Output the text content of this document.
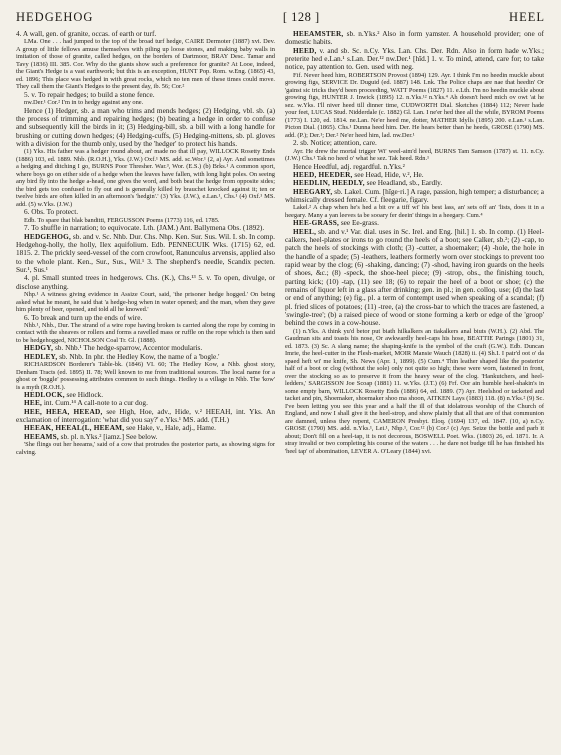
HEDGEHOG	[ 128 ]	HEEL

4. A wall, gen. of granite, occas. of earth or turf.

LMa. One . . . had jumped to the top of the broad turf hedge, CAIRE Dermoter (1887) xvi. Dev. A group of little fellows amuse themselves with piling up loose stones, and making baby walls in imitation of those of granite, called hedges, on the borders of Dartmoor, BRAY Desc. Tamar and Tavy (1836) III. 385. Cor. Why do the giants show such a preference for granite? At Looe, indeed, the Giant's Hedge is a vast earthwork; but this is an exception, HUNT Pop. Rom. w.Eng. (1865) 43, ed. 1896; This place was hedged in with great rocks, which no ten men of these times could move. They call them the Giant's Hedges to the present day, ib. 56; Cor.²

5. v. To repair hedges; to build a stone fence.

nw.Der.¹ Cor.² I'm in to hedgy against any one.

Hence (1) Hedger, sb. a man who trims and mends hedges; (2) Hedging, vbl. sb. (a) the process of trimming and repairing hedges; (b) beating a hedge in order to confuse and subsequently kill the birds in it; (3) Hedging-bill, sb. a bill with a long handle for brushing or cutting down hedges; (4) Hedging-cuffs, (5) Hedging-mittens, sb. pl. gloves with a division for the thumb only, used by the 'hedger' to protect his hands.

(1) Yks. His father was a hedger round about, an' made no that ill pay, WILLOCK Rosetty Ends (1886) 103, ed. 1889. Nhb. (R.O.H.), Yks. (J.W.) Oxf.¹ MS. add. sc.Wor.¹ (2, a) Ayr. And sometimes a hedging and ditching I go, BURNS Poor Thresher. War.³, Wor. (E.S.) (b) Brks.¹ A common sport, where boys go on either side of a hedge when the leaves have fallen, with long light poles. On seeing any bird fly into the hedge a-head, one gives the word, and both beat the hedge from opposite sides; the bird gets too confused to fly out and is generally killed by brauchet knocked against it; ten or twelve birds are often killed in an afternoon's 'hedgin'.' (3) Yks. (J.W.), e.Lan.¹, Chs.¹ (4) Oxf.¹ MS. add. (5) w.Yks. (J.W.)

6. Obs. To protect.

Edb. To spare that blak banditti, FERGUSSON Poems (1773) 116, ed. 1785.

7. To shuffle in narration; to equivocate. Lth. (JAM.) Ant. Ballymena Obs. (1892).

HEDGEHOG, sb. and v. Sc. Nhb. Dur. Chs. Nhp. Ken. Sur. Sus. Wil. I. sb. In comp. Hedgehog-holly, the holly, Ilex aquifolium. Edb. PENNECUIK Wks. (1715) 62, ed. 1815. 2. The prickly seed-vessel of the corn crowfoot, Ranunculus arvensis, applied also to the whole plant. Ken., Sur., Sus., Wil.¹ 3. The shepherd's needle, Scandix pecten. Sur.¹, Sus.¹

4. pl. Small stunted trees in hedgerows. Chs. (K.), Chs.¹³ 5. v. To open, divulge, or disclose anything.

Nhp.¹ A witness giving evidence in Assize Court, said, 'the prisoner hedge hogged.' On being asked what he meant, he said that 'a hedge-hog when in water opened; and the man, when they gave him plenty of beer, opened, and told all he knowed.'

6. To break and turn up the ends of wire.

Nhb.¹, Nhb., Dur. The strand of a wire rope having broken is carried along the rope by coming in contact with the sheaves or rollers and forms a ravelled mass or ruffle on the rope which is then said to be hedgehogged, NICHOLSON Coal Tr. Gl. (1888).

HEDGY, sb. Nhb.¹ The hedge-sparrow, Accentor modularis.

HEDLEY, sb. Nhb. In phr. the Hedley Kow, the name of a 'bogle.'

RICHARDSON Borderer's Table-bk. (1846) VI. 60; The Hedley Kow, a Nhb. ghost story, Denham Tracts (ed. 1895) II. 78; Well known to me from traditional sources. The local name for a ghost or 'boggle' possessing attributes common to such things. Hedley is a village in Nhb. The 'kow' is a myth (R.O.H.).

HEDLOCK, see Hidlock.

HEE, int. Cum.¹⁴ A call-note to a cur dog.

HEE, HEEA, HEEAD, see High, Hoe, adv., Hide, v.² HEEAH, int. Yks. An exclamation of interrogation: 'what did you say?' e.Yks.¹ MS. add. (T.H.)

HEEAK, HEEAL(L, HEEAM, see Hake, v., Hale, adj., Hame.

HEEAMS, sb. pl. n.Yks.² [iamz.] See below.

'She flings out her heeams,' said of a cow that protrudes the posterior parts, as showing signs for calving.

HEEAMSTER, sb. n.Yks.² Also in form yamster. A household provider; one of domestic habits.

HEED, v. and sb. Sc. n.Cy. Yks. Lan. Chs. Der. Rdn. Also in form hade w.Yks.; preterite hed e.Lan.¹ s.Lan. Der.¹² nw.Der.¹ [hīd.] 1. v. To mind, attend, care for; to take notice, pay attention to. Gen. used with neg.

Fif. Never heed him, ROBERTSON Provost (1894) 129. Ayr. I think I'm no heedin muckle about growing figs, SERVICE Dr. Duguid (ed. 1887) 148. Lnk. The Police chaps are nae that heedin' Or 'gainst sic tricks they'd been proceeding, WATT Poems (1827) 11. e.Lth. I'm no heedin muckle about growing figs, HUNTER J. Inwick (1895) 12. n.Yks.¹² n.Yks.⁴ Ah doesn't heed mich ov owt 'at he sez. w.Yks. I'll niver heed till dinner time, CUDWORTH Dial. Sketches (1884) 112; Never hade your feet, LUCAS Stud. Nidderdale (c. 1882) Gl. Lan. I ne'er hed thee all the while, BYROM Poems (1773) I. 120, ed. 1814. ne.Lan. Ne'er heed me, dotter, MATHER Idylls (1895) 200. e.Lan.¹ s.Lan. Picton Dial. (1865). Chs.¹ Dunna heed him. Der. He hears better than he heeds, GROSE (1790) MS. add. (P.); Der.¹; Der.² Ne'er heed him, lad. nw.Der.¹

2. sb. Notice; attention, care.

Ayr. He drew the mortal trigger Wi' weel-aim'd heed, BURNS Tam Samson (1787) st. 11. n.Cy. (J.W.) Chs.¹ Tak no heed o' what he sez. Tak heed. Rdn.¹

Hence Heedful, adj. regardful. n.Yks.²

HEED, HEEDER, see Head, Hide, v.², He.

HEEDLIN, HEEDLY, see Headland, sb., Eardly.

HEEGARY, sb. Lakel. Cum. [hīge·ri.] A rage, passion, high temper; a disturbance; a whimsically dressed female. Cf. fleegarie, figary.

Lakel.² A chap when he's hed a bit ov a tiff wi' his best lass, an' sets off an' 'lists, does it in a heegary. Many a yan leeves ta be sooary fer deein' things in a heegary. Cum.⁴

HEE-GRASS, see Ee-grass.

HEEL, sb. and v.¹ Var. dial. uses in Sc. Irel. and Eng. [hil.] 1. sb. In comp. (1) Heel-calkers, heel-plates or irons to go round the heels of a boot; see Calker, sb.²; (2) -cap, to patch the heels of stockings with cloth; (3) -cutter, a shoemaker; (4) -hole, the hole in the handle of a spade; (5) -leathers, leathers formerly worn over stockings to prevent too rapid wear by the clog; (6) -shaking, dancing; (7) -shod, having iron guards on the heels of shoes, &c.; (8) -speck, the shoe-heel piece; (9) -strop, obs., the finishing touch, parting kick; (10) -tap, (11) see 18; (6) to repair the heel of a boot or shoe; (c) the remains of liquor left in a glass after drinking; gen. in pl.; in gen. colloq. use; (d) the last or end of anything; (e) fig., pl. a term of contempt used when speaking of a scandal; (f) pl. fried slices of potatoes; (11) -tree, (a) the cross-bar to which the traces are fastened, a 'swingle-tree'; (b) a raised piece of wood or stone forming a kerb or edge of the 'groop' behind the cows in a cow-house.

(1) n.Yks. A think yu'd betor put biath hilkalkers an tiakalkers anal biuts (W.H.). (2) Abd. The Gaudman sits and toasts his nose, Or awkwardly heel-caps his hose, BEATTIE Parings (1801) 31, ed. 1873. (3) Sc. A slang name; the shaping-knife is the symbol of the craft (G.W.). Edb. Duncan Imrie, the heel-cutter in the Flesh-market, MOIR Mansie Wauch (1828) ii. (4) Sh.I. I pair'd oot o' da spaed heft wi' me knife, Sh. News (Apr. 1, 1899). (5) Cum.⁴ Thin leather shaped like the posterior half of a boot or clog (without the sole) only not quite so high; these were worn, fastened in front, over the stocking so as to preserve it from the heavy wear of the clog. 'Hankutchers, and heel-ledders,' SARGISSON Joe Scoap (1881) 11. w.Yks. (J.T.) (6) Frf. Oor ain humble heel-shakin's in some empty barn, WILLOCK Rosetty Ends (1886) 64, ed. 1889. (7) Ayr. Heelshod or tacketed and tacket and pin, Shoemaker, shoemaker shoo ma shoon, AITKEN Lays (1883) 118. (8) n.Yks.² (9) Sc. I've been letting you see this year and a half the ill of that idolatrous worship of the Church of England, and now I shall give it the heel-strop, and show plainly that all that are of that communion are damned, unless they repent, CAMERON Presbyt. Eloq. (1694) 137, ed. 1847. (10, a) n.Cy. GROSE (1790) MS. add. n.Yks.¹, Lei.¹, Nhp.¹, Cor.¹² (b) Cor.² (c) Ayr. Seize the bottle and parb it about; Don't fill on a heel-tap, it is not decorous, BOSWELL Poet. Wks. (1803) 26, ed. 1871. Ir. A stray invalid or two completing his course of the waters . . . he dare not budge till he has finished his 'heel tap' of abomination, LEVER A. O'Leary (1844) xvi.
